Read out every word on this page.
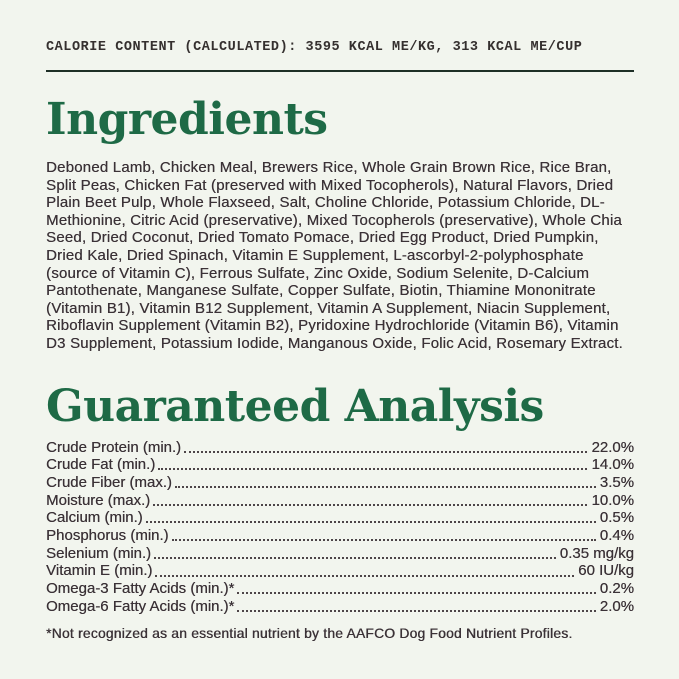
CALORIE CONTENT (CALCULATED): 3595 KCAL ME/KG, 313 KCAL ME/CUP
Ingredients

Deboned Lamb, Chicken Meal, Brewers Rice, Whole Grain Brown Rice, Rice Bran, Split Peas, Chicken Fat (preserved with Mixed Tocopherols), Natural Flavors, Dried Plain Beet Pulp, Whole Flaxseed, Salt, Choline Chloride, Potassium Chloride, DL-Methionine, Citric Acid (preservative), Mixed Tocopherols (preservative), Whole Chia Seed, Dried Coconut, Dried Tomato Pomace, Dried Egg Product, Dried Pumpkin, Dried Kale, Dried Spinach, Vitamin E Supplement, L-ascorbyl-2-polyphosphate (source of Vitamin C), Ferrous Sulfate, Zinc Oxide, Sodium Selenite, D-Calcium Pantothenate, Manganese Sulfate, Copper Sulfate, Biotin, Thiamine Mononitrate (Vitamin B1), Vitamin B12 Supplement, Vitamin A Supplement, Niacin Supplement, Riboflavin Supplement (Vitamin B2), Pyridoxine Hydrochloride (Vitamin B6), Vitamin D3 Supplement, Potassium Iodide, Manganous Oxide, Folic Acid, Rosemary Extract.

Guaranteed Analysis
Crude Protein (min.)	22.0%
Crude Fat (min.)	14.0%
Crude Fiber (max.)	3.5%
Moisture (max.)	10.0%
Calcium (min.)	0.5%
Phosphorus (min.)	0.4%
Selenium (min.)	0.35 mg/kg
Vitamin E (min.)	60 IU/kg
Omega-3 Fatty Acids (min.)*	0.2%
Omega-6 Fatty Acids (min.)*	2.0%
*Not recognized as an essential nutrient by the AAFCO Dog Food Nutrient Profiles.
